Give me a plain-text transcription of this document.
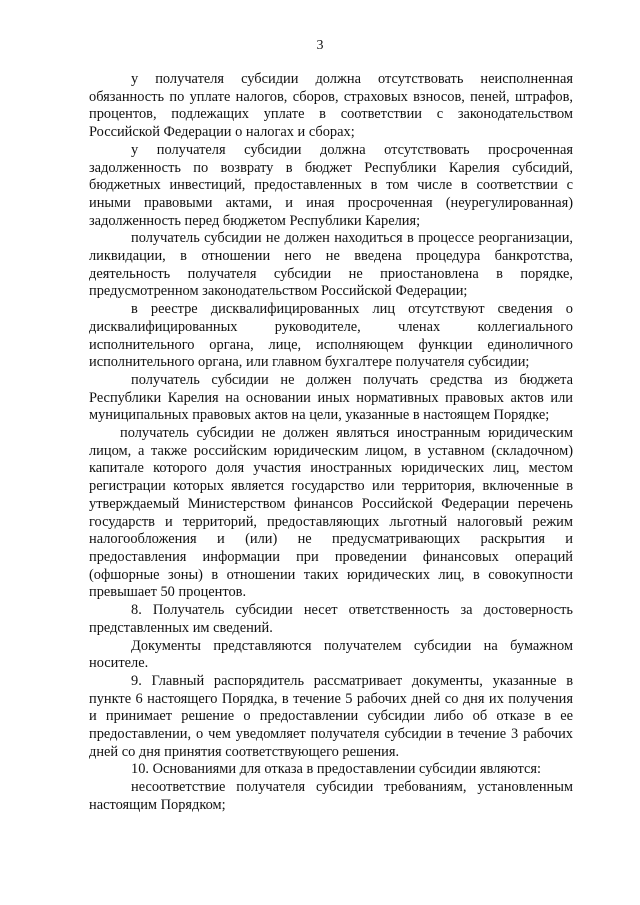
3

у получателя субсидии должна отсутствовать неисполненная обязанность по уплате налогов, сборов, страховых взносов, пеней, штрафов, процентов, подлежащих уплате в соответствии с законодательством Российской Федерации о налогах и сборах;

у получателя субсидии должна отсутствовать просроченная задолженность по возврату в бюджет Республики Карелия субсидий, бюджетных инвестиций, предоставленных в том числе в соответствии с иными правовыми актами, и иная просроченная (неурегулированная) задолженность перед бюджетом Республики Карелия;

получатель субсидии не должен находиться в процессе реорганизации, ликвидации, в отношении него не введена процедура банкротства, деятельность получателя субсидии не приостановлена в порядке, предусмотренном законодательством Российской Федерации;

в реестре дисквалифицированных лиц отсутствуют сведения о дисквалифицированных руководителе, членах коллегиального исполнительного органа, лице, исполняющем функции единоличного исполнительного органа, или главном бухгалтере получателя субсидии;

получатель субсидии не должен получать средства из бюджета Республики Карелия на основании иных нормативных правовых актов или муниципальных правовых актов на цели, указанные в настоящем Порядке;

получатель субсидии не должен являться иностранным юридическим лицом, а также российским юридическим лицом, в уставном (складочном) капитале которого доля участия иностранных юридических лиц, местом регистрации которых является государство или территория, включенные в утверждаемый Министерством финансов Российской Федерации перечень государств и территорий, предоставляющих льготный налоговый режим налогообложения и (или) не предусматривающих раскрытия и предоставления информации при проведении финансовых операций (офшорные зоны) в отношении таких юридических лиц, в совокупности превышает 50 процентов.

8. Получатель субсидии несет ответственность за достоверность представленных им сведений.

Документы представляются получателем субсидии на бумажном носителе.

9. Главный распорядитель рассматривает документы, указанные в пункте 6 настоящего Порядка, в течение 5 рабочих дней со дня их получения и принимает решение о предоставлении субсидии либо об отказе в ее предоставлении, о чем уведомляет получателя субсидии в течение 3 рабочих дней со дня принятия соответствующего решения.

10. Основаниями для отказа в предоставлении субсидии являются:

несоответствие получателя субсидии требованиям, установленным настоящим Порядком;
